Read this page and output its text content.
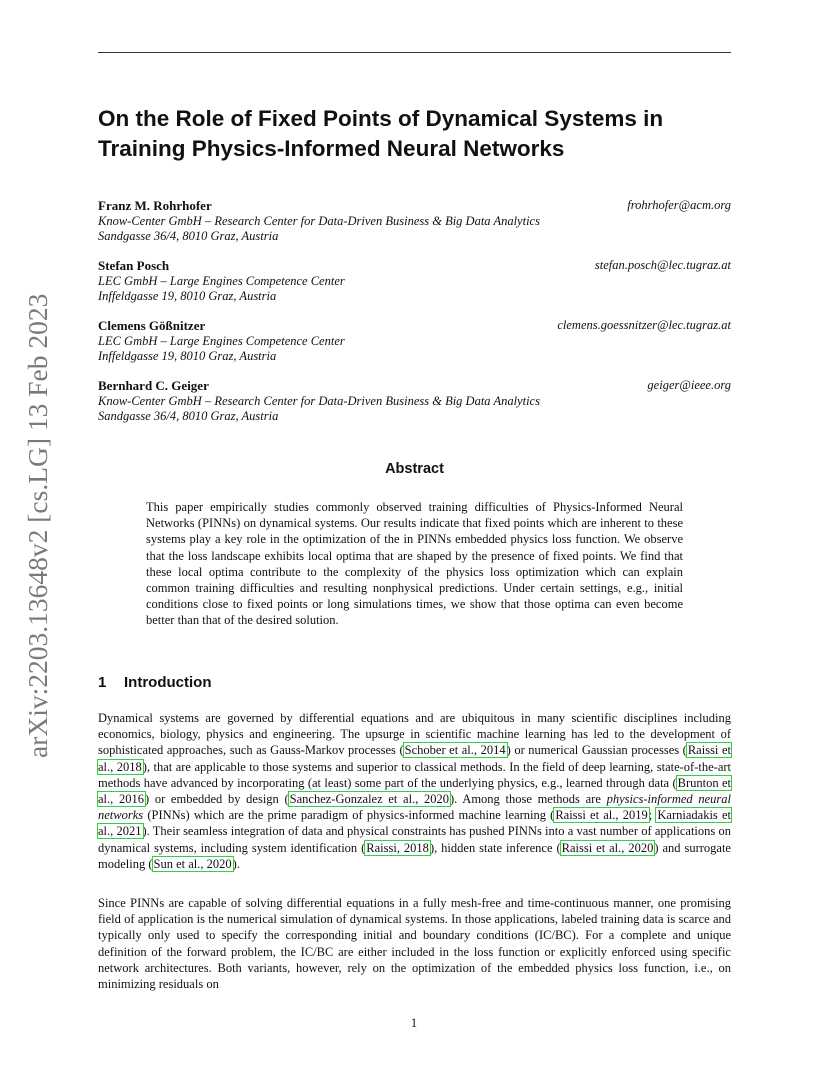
arXiv:2203.13648v2 [cs.LG] 13 Feb 2023
On the Role of Fixed Points of Dynamical Systems in Training Physics-Informed Neural Networks
Franz M. Rohrhofer	frohrhofer@acm.org
Know-Center GmbH – Research Center for Data-Driven Business & Big Data Analytics
Sandgasse 36/4, 8010 Graz, Austria
Stefan Posch	stefan.posch@lec.tugraz.at
LEC GmbH – Large Engines Competence Center
Inffeldgasse 19, 8010 Graz, Austria
Clemens Gößnitzer	clemens.goessnitzer@lec.tugraz.at
LEC GmbH – Large Engines Competence Center
Inffeldgasse 19, 8010 Graz, Austria
Bernhard C. Geiger	geiger@ieee.org
Know-Center GmbH – Research Center for Data-Driven Business & Big Data Analytics
Sandgasse 36/4, 8010 Graz, Austria
Abstract
This paper empirically studies commonly observed training difficulties of Physics-Informed Neural Networks (PINNs) on dynamical systems. Our results indicate that fixed points which are inherent to these systems play a key role in the optimization of the in PINNs embedded physics loss function. We observe that the loss landscape exhibits local optima that are shaped by the presence of fixed points. We find that these local optima contribute to the complexity of the physics loss optimization which can explain common training difficulties and resulting nonphysical predictions. Under certain settings, e.g., initial conditions close to fixed points or long simulations times, we show that those optima can even become better than that of the desired solution.
1 Introduction
Dynamical systems are governed by differential equations and are ubiquitous in many scientific disciplines including economics, biology, physics and engineering. The upsurge in scientific machine learning has led to the development of sophisticated approaches, such as Gauss-Markov processes (Schober et al., 2014) or numerical Gaussian processes (Raissi et al., 2018), that are applicable to those systems and superior to classical methods. In the field of deep learning, state-of-the-art methods have advanced by incorporating (at least) some part of the underlying physics, e.g., learned through data (Brunton et al., 2016) or embedded by design (Sanchez-Gonzalez et al., 2020). Among those methods are physics-informed neural networks (PINNs) which are the prime paradigm of physics-informed machine learning (Raissi et al., 2019; Karniadakis et al., 2021). Their seamless integration of data and physical constraints has pushed PINNs into a vast number of applications on dynamical systems, including system identification (Raissi, 2018), hidden state inference (Raissi et al., 2020) and surrogate modeling (Sun et al., 2020).
Since PINNs are capable of solving differential equations in a fully mesh-free and time-continuous manner, one promising field of application is the numerical simulation of dynamical systems. In those applications, labeled training data is scarce and typically only used to specify the corresponding initial and boundary conditions (IC/BC). For a complete and unique definition of the forward problem, the IC/BC are either included in the loss function or explicitly enforced using specific network architectures. Both variants, however, rely on the optimization of the embedded physics loss function, i.e., on minimizing residuals on
1
